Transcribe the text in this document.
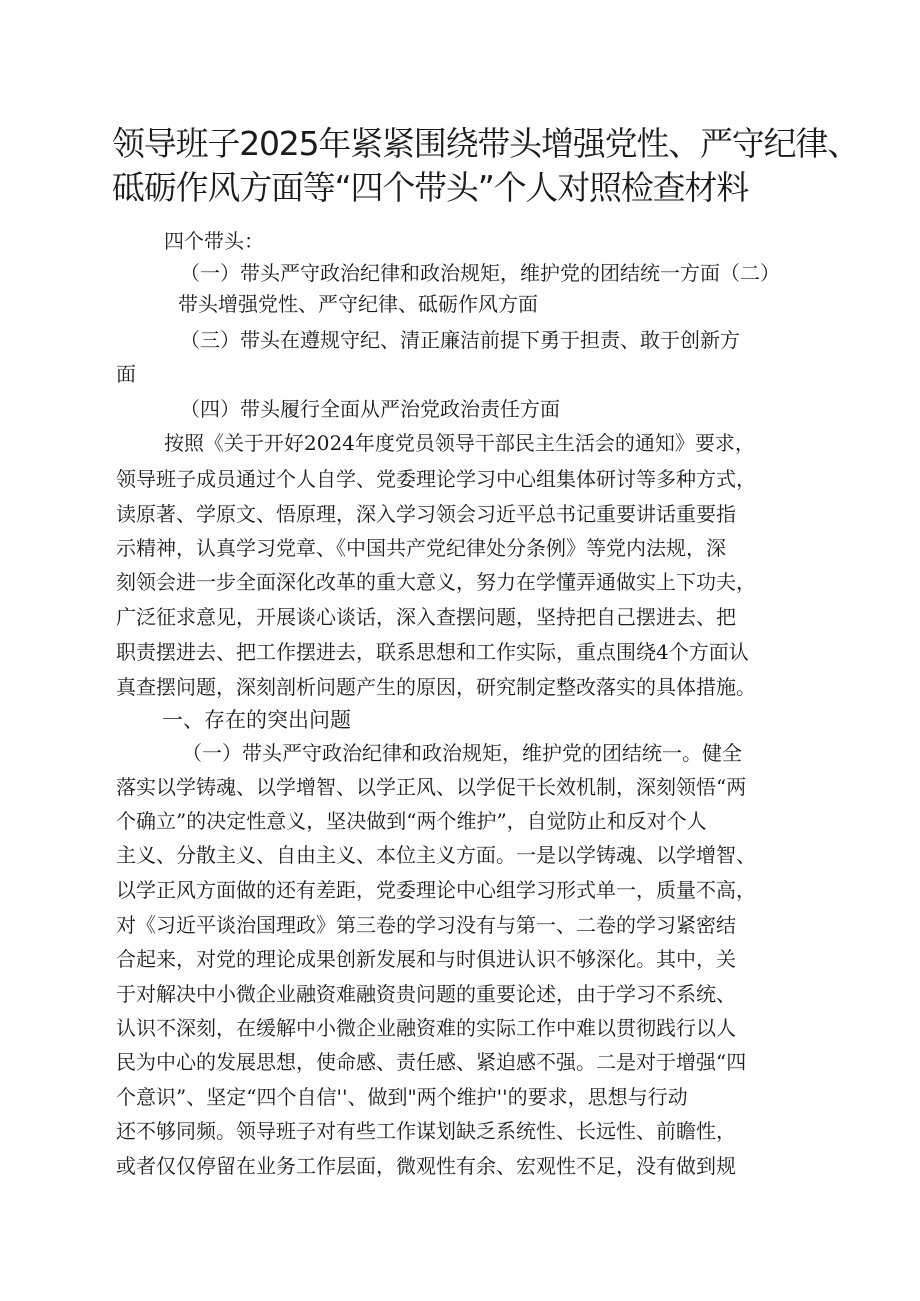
领导班子2025年紧紧围绕带头增强党性、严守纪律、
砥砺作风方面等“四个带头”个人对照检查材料

四个带头：

（一）带头严守政治纪律和政治规矩，维护党的团结统一方面（二）

带头增强党性、严守纪律、砥砺作风方面

（三）带头在遵规守纪、清正廉洁前提下勇于担责、敢于创新方

面

（四）带头履行全面从严治党政治责任方面

按照《关于开好2024年度党员领导干部民主生活会的通知》要求，

领导班子成员通过个人自学、党委理论学习中心组集体研讨等多种方式，

读原著、学原文、悟原理，深入学习领会习近平总书记重要讲话重要指

示精神，认真学习党章、《中国共产党纪律处分条例》等党内法规，深

刻领会进一步全面深化改革的重大意义，努力在学懂弄通做实上下功夫，

广泛征求意见，开展谈心谈话，深入查摆问题，坚持把自己摆进去、把

职责摆进去、把工作摆进去，联系思想和工作实际，重点围绕4个方面认

真查摆问题，深刻剖析问题产生的原因，研究制定整改落实的具体措施。

一、存在的突出问题

（一）带头严守政治纪律和政治规矩，维护党的团结统一。健全

落实以学铸魂、以学增智、以学正风、以学促干长效机制，深刻领悟“两

个确立”的决定性意义，坚决做到“两个维护”，自觉防止和反对个人

主义、分散主义、自由主义、本位主义方面。一是以学铸魂、以学增智、

以学正风方面做的还有差距，党委理论中心组学习形式单一，质量不高，

对《习近平谈治国理政》第三卷的学习没有与第一、二卷的学习紧密结

合起来，对党的理论成果创新发展和与时俱进认识不够深化。其中，关

于对解决中小微企业融资难融资贵问题的重要论述，由于学习不系统、

认识不深刻，在缓解中小微企业融资难的实际工作中难以贯彻践行以人

民为中心的发展思想，使命感、责任感、紧迫感不强。二是对于增强“四

个意识”、坚定“四个自信''、做到"两个维护''的要求，思想与行动

还不够同频。领导班子对有些工作谋划缺乏系统性、长远性、前瞻性，

或者仅仅停留在业务工作层面，微观性有余、宏观性不足，没有做到规
